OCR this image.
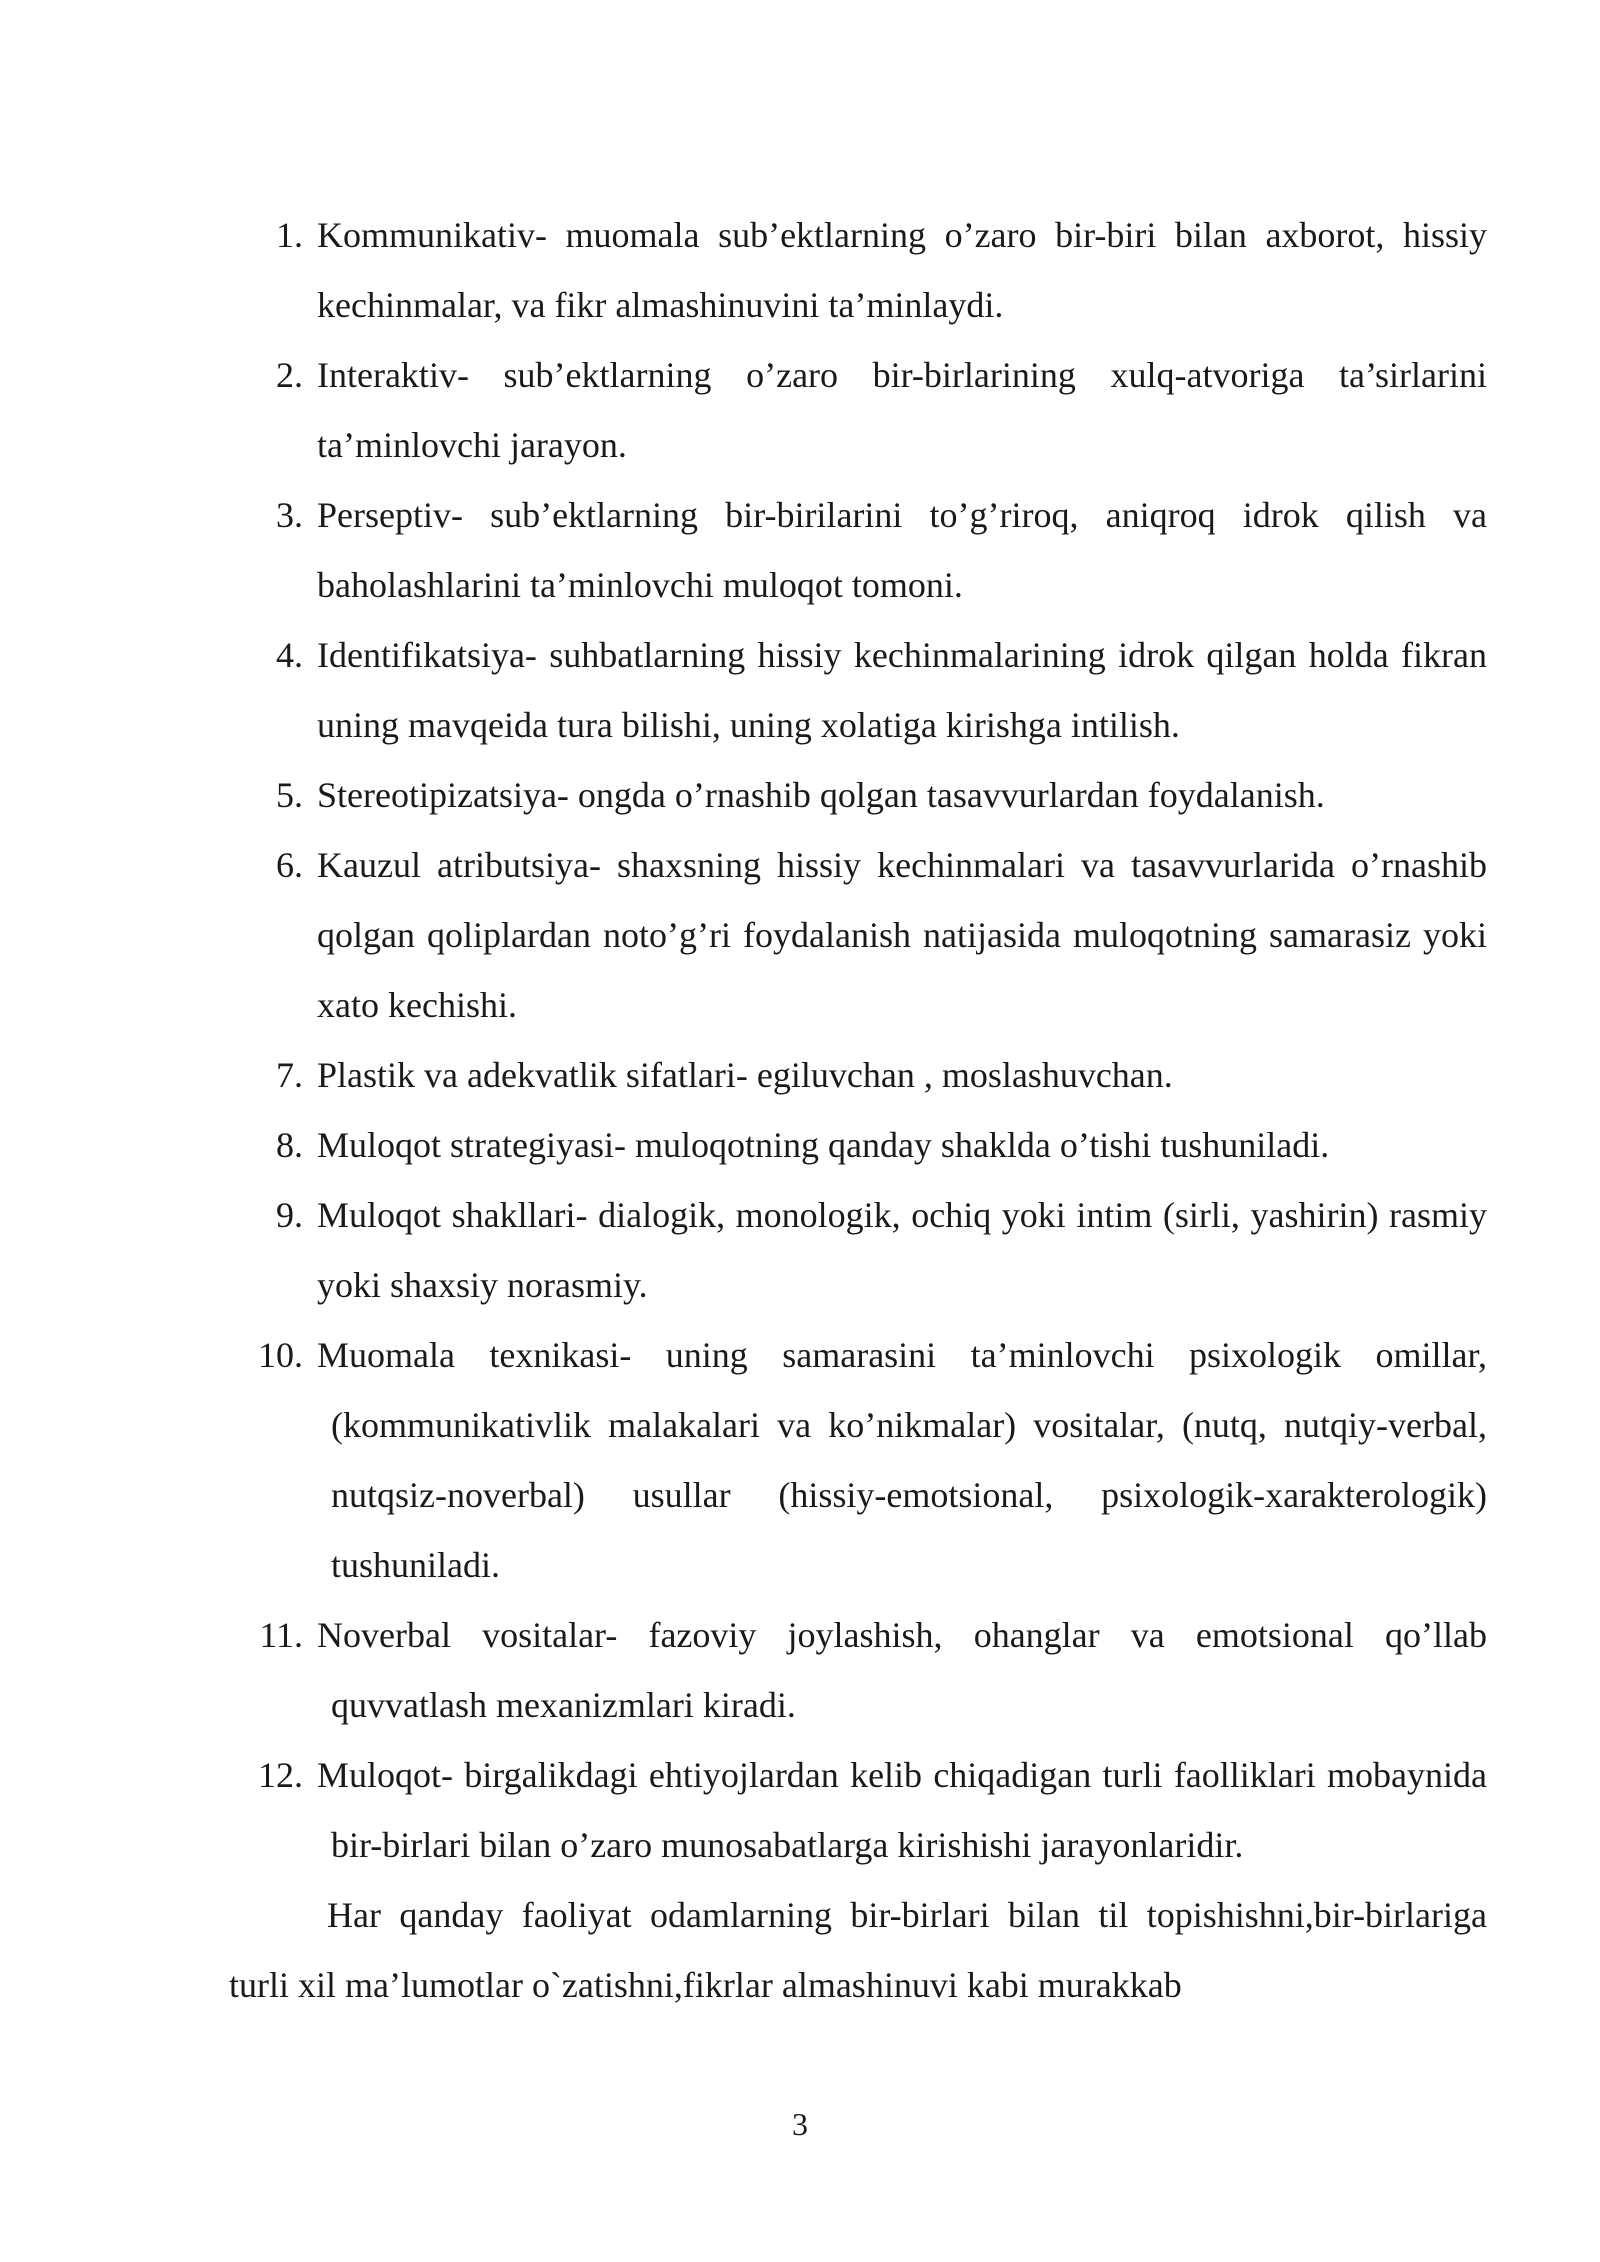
1. Kommunikativ- muomala sub’ektlarning o’zaro bir-biri bilan axborot, hissiy kechinmalar, va fikr almashinuvini ta’minlaydi.
2. Interaktiv- sub’ektlarning o’zaro bir-birlarining xulq-atvoriga ta’sirlarini ta’minlovchi jarayon.
3. Perseptiv- sub’ektlarning bir-birilarini to’g’riroq, aniqroq idrok qilish va baholashlarini ta’minlovchi muloqot tomoni.
4. Identifikatsiya- suhbatlarning hissiy kechinmalarining idrok qilgan holda fikran uning mavqeida tura bilishi, uning xolatiga kirishga intilish.
5. Stereotipizatsiya- ongda o’rnashib qolgan tasavvurlardan foydalanish.
6. Kauzul atributsiya- shaxsning hissiy kechinmalari va tasavvurlarida o’rnashib qolgan qoliplardan noto’g’ri foydalanish natijasida muloqotning samarasiz yoki xato kechishi.
7. Plastik va adekvatlik sifatlari- egiluvchan , moslashuvchan.
8. Muloqot strategiyasi- muloqotning qanday shaklda o’tishi tushuniladi.
9. Muloqot shakllari- dialogik, monologik, ochiq yoki intim (sirli, yashirin) rasmiy yoki shaxsiy norasmiy.
10. Muomala texnikasi- uning samarasini ta’minlovchi psixologik omillar, (kommunikativlik malakalari va ko’nikmalar) vositalar, (nutq, nutqiy-verbal, nutqsiz-noverbal) usullar (hissiy-emotsional, psixologik-xarakterologik) tushuniladi.
11. Noverbal vositalar- fazoviy joylashish, ohanglar va emotsional qo’llab quvvatlash mexanizmlari kiradi.
12. Muloqot- birgalikdagi ehtiyojlardan kelib chiqadigan turli faolliklari mobaynida bir-birlari bilan o’zaro munosabatlarga kirishishi jarayonlaridir.

Har qanday faoliyat odamlarning bir-birlari bilan til topishishni,bir-birlariga turli xil ma’lumotlar o`zatishni,fikrlar almashinuvi kabi murakkab

3
